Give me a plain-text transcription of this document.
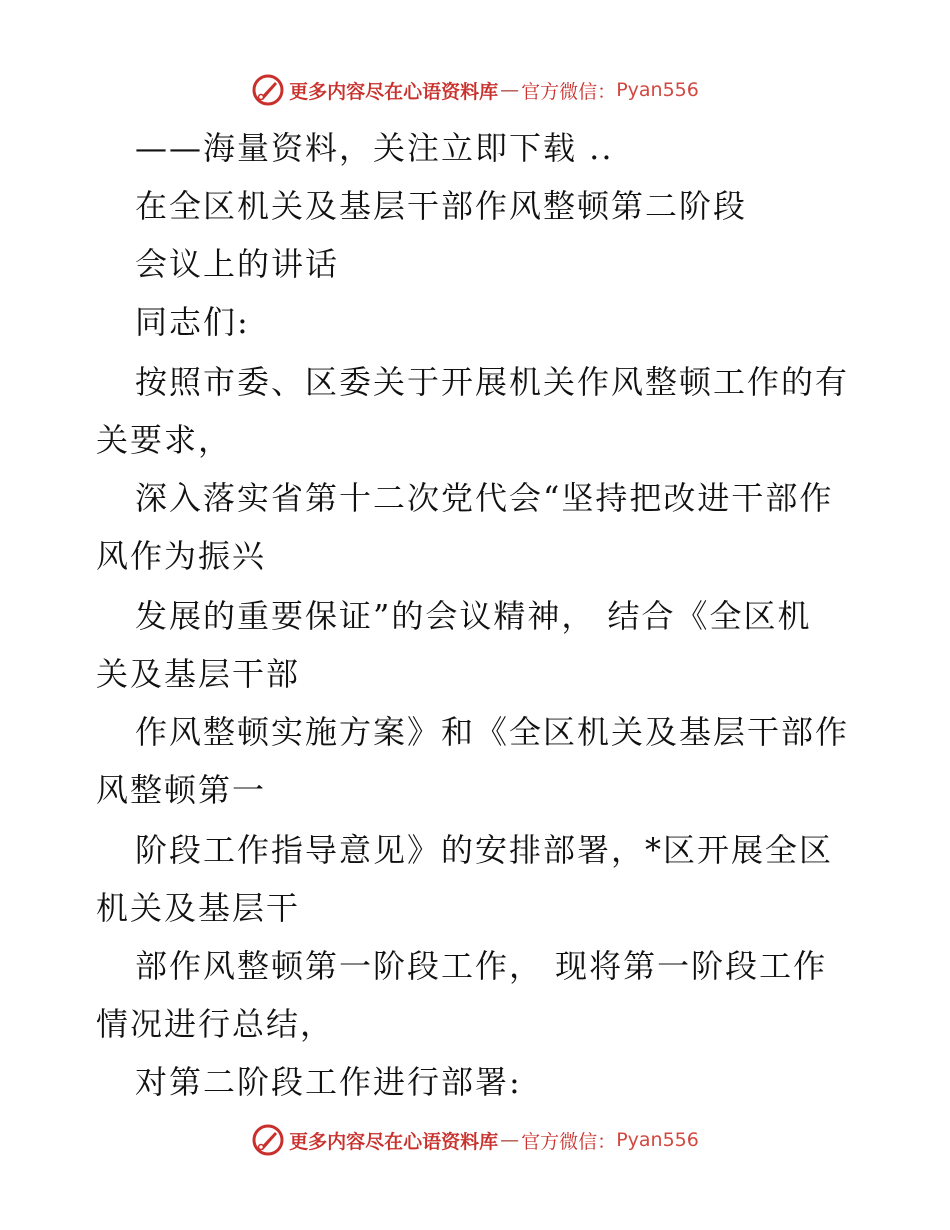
更多内容尽在心语资料库 — 官方微信： Pyan556
——海量资料，关注立即下载 ..
在全区机关及基层干部作风整顿第二阶段
会议上的讲话
同志们:
按照市委、区委关于开展机关作风整顿工作的有
关要求，
深入落实省第十二次党代会“坚持把改进干部作
风作为振兴
发展的重要保证”的会议精神， 结合《全区机
关及基层干部
作风整顿实施方案》和《全区机关及基层干部作
风整顿第一
阶段工作指导意见》的安排部署，*区开展全区
机关及基层干
部作风整顿第一阶段工作， 现将第一阶段工作
情况进行总结，
对第二阶段工作进行部署:
更多内容尽在心语资料库 — 官方微信： Pyan556
